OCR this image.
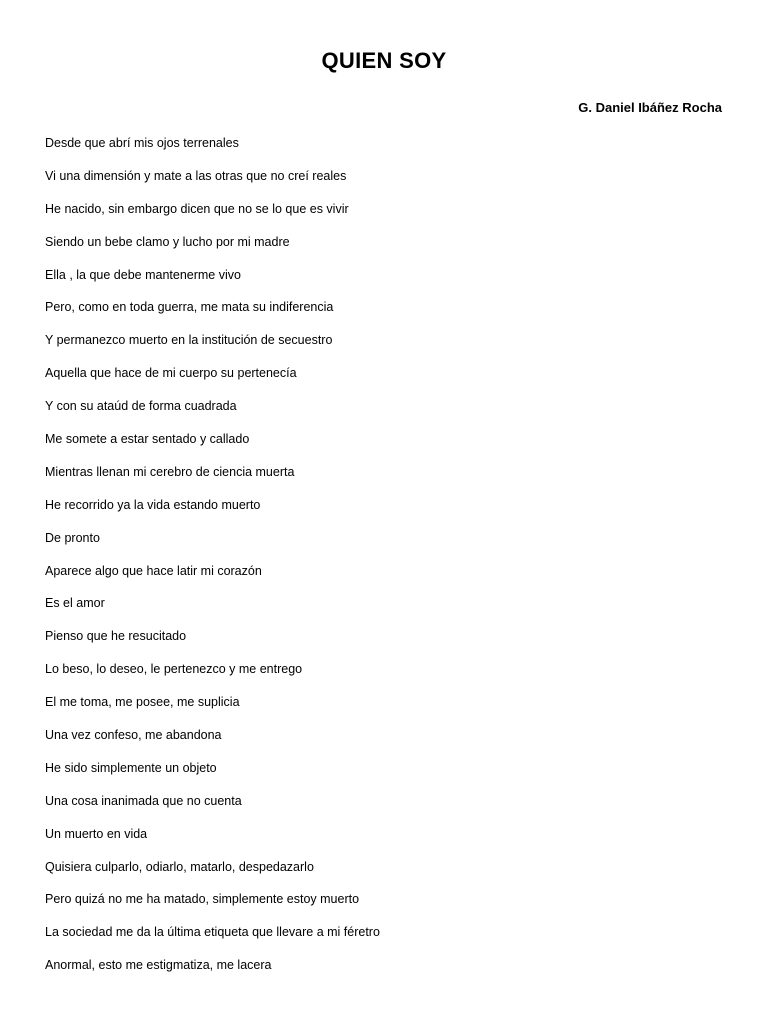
QUIEN SOY
G. Daniel Ibáñez Rocha
Desde que abrí mis ojos terrenales
Vi una dimensión y mate a las otras que no creí reales
He nacido, sin embargo dicen que no se lo que es vivir
Siendo un bebe clamo y lucho por mi madre
Ella , la que debe mantenerme vivo
Pero, como en toda guerra, me mata su indiferencia
Y permanezco muerto en la institución de secuestro
Aquella que hace de mi cuerpo su pertenecía
Y con su ataúd de forma cuadrada
Me somete a estar sentado y callado
Mientras llenan mi cerebro de ciencia muerta
He recorrido ya la vida estando muerto
De pronto
Aparece algo que hace latir mi corazón
Es el amor
Pienso que he resucitado
Lo beso, lo deseo, le pertenezco y me entrego
El me toma, me posee, me suplicia
Una vez confeso, me abandona
He sido simplemente un objeto
Una cosa inanimada que no cuenta
Un muerto en vida
Quisiera culparlo, odiarlo, matarlo, despedazarlo
Pero quizá no me ha matado, simplemente estoy muerto
La sociedad me da la última etiqueta que llevare a mi féretro
Anormal, esto me estigmatiza, me lacera
